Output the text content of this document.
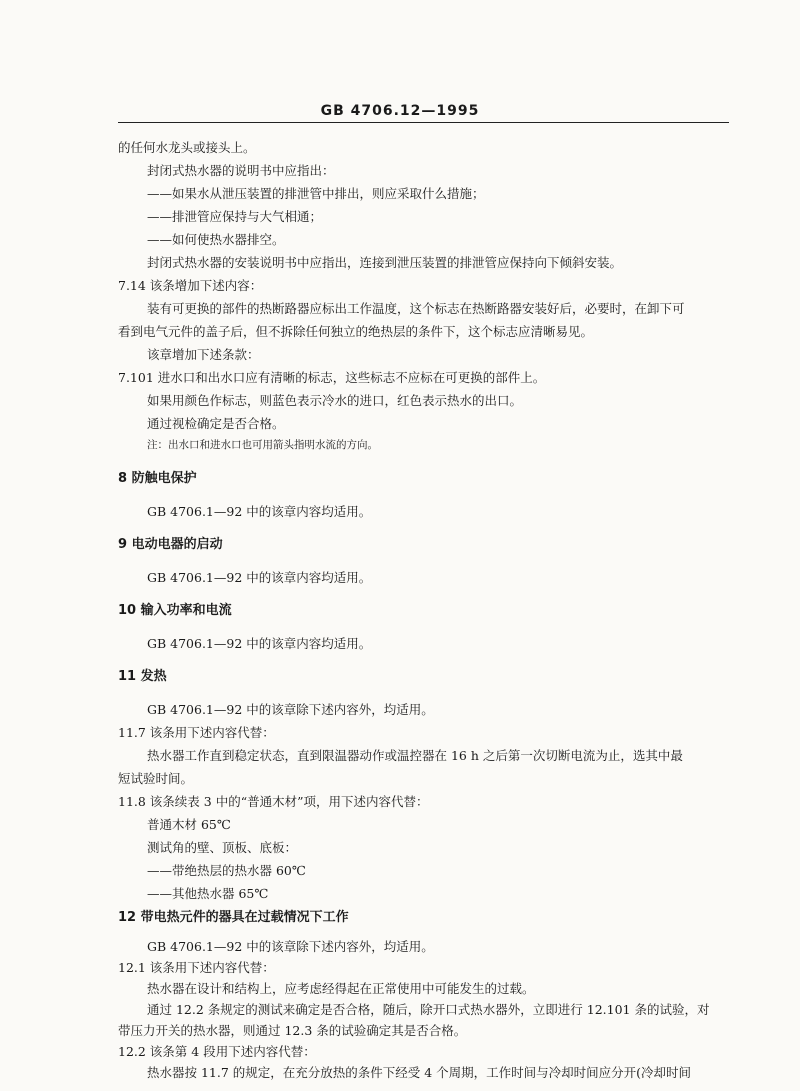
GB 4706.12—1995
的任何水龙头或接头上。
封闭式热水器的说明书中应指出：
——如果水从泄压装置的排泄管中排出，则应采取什么措施；
——排泄管应保持与大气相通；
——如何使热水器排空。
封闭式热水器的安装说明书中应指出，连接到泄压装置的排泄管应保持向下倾斜安装。
7.14 该条增加下述内容：
装有可更换的部件的热断路器应标出工作温度，这个标志在热断路器安装好后，必要时，在卸下可
看到电气元件的盖子后，但不拆除任何独立的绝热层的条件下，这个标志应清晰易见。
该章增加下述条款：
7.101 进水口和出水口应有清晰的标志，这些标志不应标在可更换的部件上。
如果用颜色作标志，则蓝色表示冷水的进口，红色表示热水的出口。
通过视检确定是否合格。
注：出水口和进水口也可用箭头指明水流的方向。
8 防触电保护
GB 4706.1—92 中的该章内容均适用。
9 电动电器的启动
GB 4706.1—92 中的该章内容均适用。
10 输入功率和电流
GB 4706.1—92 中的该章内容均适用。
11 发热
GB 4706.1—92 中的该章除下述内容外，均适用。
11.7 该条用下述内容代替：
热水器工作直到稳定状态，直到限温器动作或温控器在 16 h 之后第一次切断电流为止，选其中最
短试验时间。
11.8 该条续表 3 中的“普通木材”项，用下述内容代替：
普通木材 65℃
测试角的壁、顶板、底板：
——带绝热层的热水器 60℃
——其他热水器 65℃
12 带电热元件的器具在过载情况下工作
GB 4706.1—92 中的该章除下述内容外，均适用。
12.1 该条用下述内容代替：
热水器在设计和结构上，应考虑经得起在正常使用中可能发生的过载。
通过 12.2 条规定的测试来确定是否合格，随后，除开口式热水器外，立即进行 12.101 条的试验，对
带压力开关的热水器，则通过 12.3 条的试验确定其是否合格。
12.2 该条第 4 段用下述内容代替：
热水器按 11.7 的规定，在充分放热的条件下经受 4 个周期，工作时间与冷却时间应分开(冷却时间
